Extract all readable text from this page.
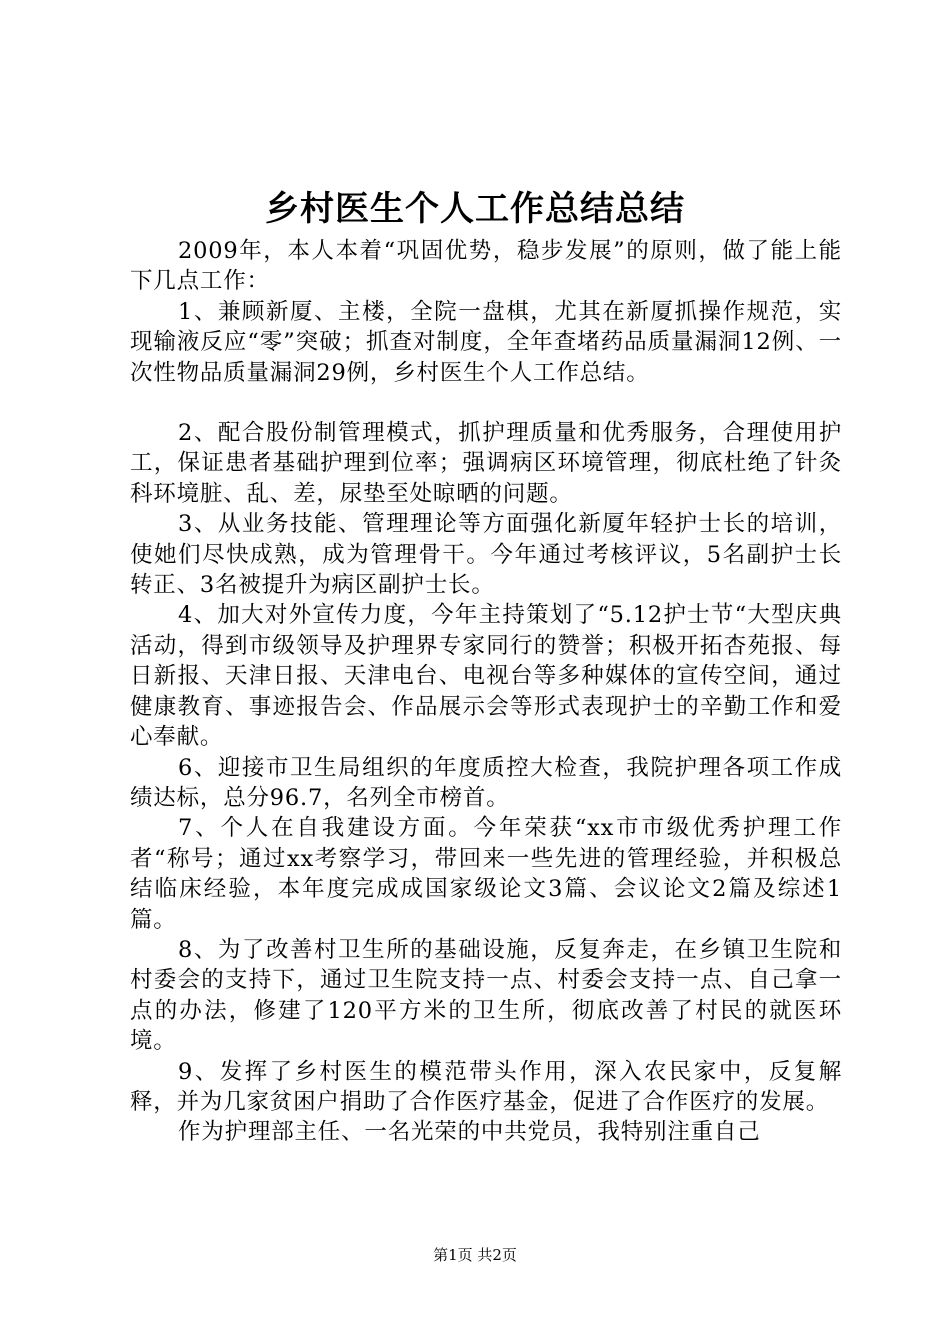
乡村医生个人工作总结总结

2009年，本人本着“巩固优势，稳步发展”的原则，做了能上能下几点工作：

1、兼顾新厦、主楼，全院一盘棋，尤其在新厦抓操作规范，实现输液反应“零”突破；抓查对制度，全年查堵药品质量漏洞12例、一次性物品质量漏洞29例，乡村医生个人工作总结。

2、配合股份制管理模式，抓护理质量和优秀服务，合理使用护工，保证患者基础护理到位率；强调病区环境管理，彻底杜绝了针灸科环境脏、乱、差，尿垫至处晾晒的问题。

3、从业务技能、管理理论等方面强化新厦年轻护士长的培训，使她们尽快成熟，成为管理骨干。今年通过考核评议，5名副护士长转正、3名被提升为病区副护士长。

4、加大对外宣传力度，今年主持策划了“5.12护士节“大型庆典活动，得到市级领导及护理界专家同行的赞誉；积极开拓杏苑报、每日新报、天津日报、天津电台、电视台等多种媒体的宣传空间，通过健康教育、事迹报告会、作品展示会等形式表现护士的辛勤工作和爱心奉献。

6、迎接市卫生局组织的年度质控大检查，我院护理各项工作成绩达标，总分96.7，名列全市榜首。

7、个人在自我建设方面。今年荣获“xx市市级优秀护理工作者“称号；通过xx考察学习，带回来一些先进的管理经验，并积极总结临床经验，本年度完成成国家级论文3篇、会议论文2篇及综述1篇。

8、为了改善村卫生所的基础设施，反复奔走，在乡镇卫生院和村委会的支持下，通过卫生院支持一点、村委会支持一点、自己拿一点的办法，修建了120平方米的卫生所，彻底改善了村民的就医环境。

9、发挥了乡村医生的模范带头作用，深入农民家中，反复解释，并为几家贫困户捐助了合作医疗基金，促进了合作医疗的发展。

作为护理部主任、一名光荣的中共党员，我特别注重自己

第1页 共2页
